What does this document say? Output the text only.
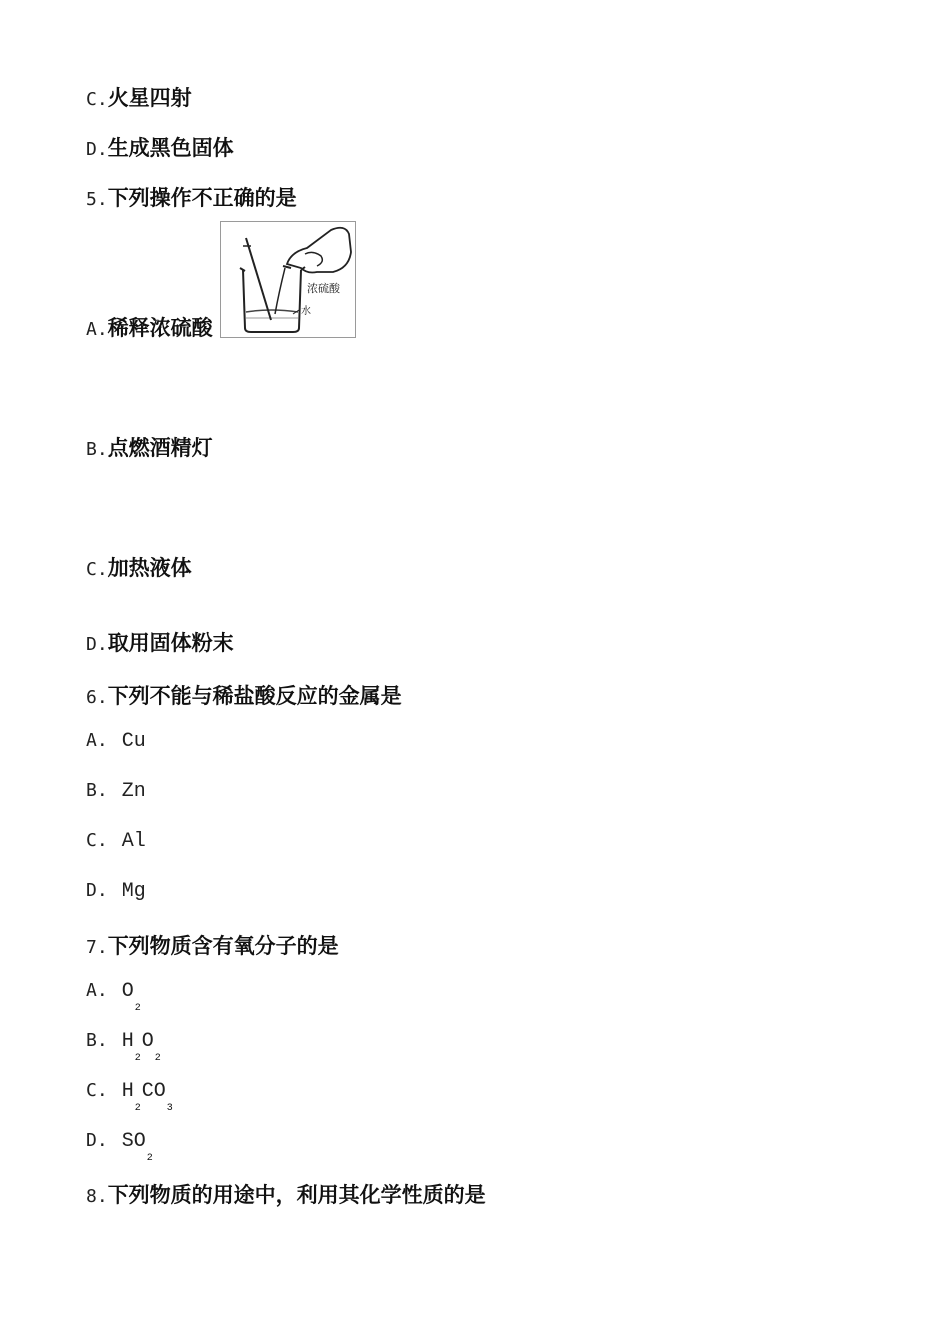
C. 火星四射
D. 生成黑色固体
5. 下列操作不正确的是
A. 稀释浓硫酸
浓硫酸
水
B. 点燃酒精灯
C. 加热液体
D. 取用固体粉末
6. 下列不能与稀盐酸反应的金属是
A. Cu
B. Zn
C. Al
D. Mg
7. 下列物质含有氧分子的是
A. O
2
B. H
2
O
2
C. H
2
CO
3
D. SO
2
8. 下列物质的用途中，利用其化学性质的是
